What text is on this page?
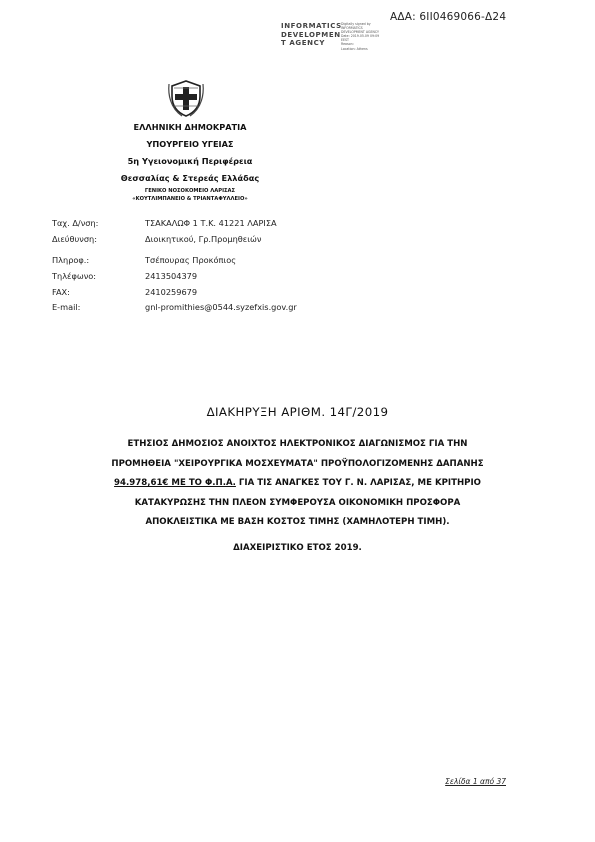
ΑΔΑ: 6ΙΙ0469066-Δ24
INFORMATICS
DEVELOPMEN
T AGENCY
Digitally signed by
INFORMATICS
DEVELOPMENT AGENCY
Date: 2019.05.09 09:09
EEST
Reason:
Location: Athens
ΕΛΛΗΝΙΚΗ ΔΗΜΟΚΡΑΤΙΑ
ΥΠΟΥΡΓΕΙΟ ΥΓΕΙΑΣ
5η Υγειονομική Περιφέρεια
Θεσσαλίας & Στερεάς Ελλάδας
ΓΕΝΙΚΟ ΝΟΣΟΚΟΜΕΙΟ ΛΑΡΙΣΑΣ
«ΚΟΥΤΛΙΜΠΑΝΕΙΟ & ΤΡΙΑΝΤΑΦΥΛΛΕΙΟ»
Ταχ. Δ/νση:	ΤΣΑΚΑΛΩΦ 1 Τ.Κ. 41221 ΛΑΡΙΣΑ
Διεύθυνση:	Διοικητικού, Γρ.Προμηθειών
Πληροφ.:	Τσέπουρας Προκόπιος
Τηλέφωνο:	2413504379
FAX:	2410259679
E-mail:	gnl-promithies@0544.syzefxis.gov.gr
ΔΙΑΚΗΡΥΞΗ ΑΡΙΘΜ. 14Γ/2019
ΕΤΗΣΙΟΣ ΔΗΜΟΣΙΟΣ ΑΝΟΙΧΤΟΣ ΗΛΕΚΤΡΟΝΙΚΟΣ ΔΙΑΓΩΝΙΣΜΟΣ ΓΙΑ ΤΗΝ
ΠΡΟΜΗΘΕΙΑ "ΧΕΙΡΟΥΡΓΙΚΑ ΜΟΣΧΕΥΜΑΤΑ" ΠΡΟΫΠΟΛΟΓΙΖΟΜΕΝΗΣ ΔΑΠΑΝΗΣ
94.978,61€ ΜΕ ΤΟ Φ.Π.Α. ΓΙΑ ΤΙΣ ΑΝΑΓΚΕΣ ΤΟΥ Γ. Ν. ΛΑΡΙΣΑΣ, ΜΕ ΚΡΙΤΗΡΙΟ
ΚΑΤΑΚΥΡΩΣΗΣ ΤΗΝ ΠΛΕΟΝ ΣΥΜΦΕΡΟΥΣΑ ΟΙΚΟΝΟΜΙΚΗ ΠΡΟΣΦΟΡΑ
ΑΠΟΚΛΕΙΣΤΙΚΑ ΜΕ ΒΑΣΗ ΚΟΣΤΟΣ ΤΙΜΗΣ (ΧΑΜΗΛΟΤΕΡΗ ΤΙΜΗ).
ΔΙΑΧΕΙΡΙΣΤΙΚΟ ΕΤΟΣ 2019.
Σελίδα 1 από 37
